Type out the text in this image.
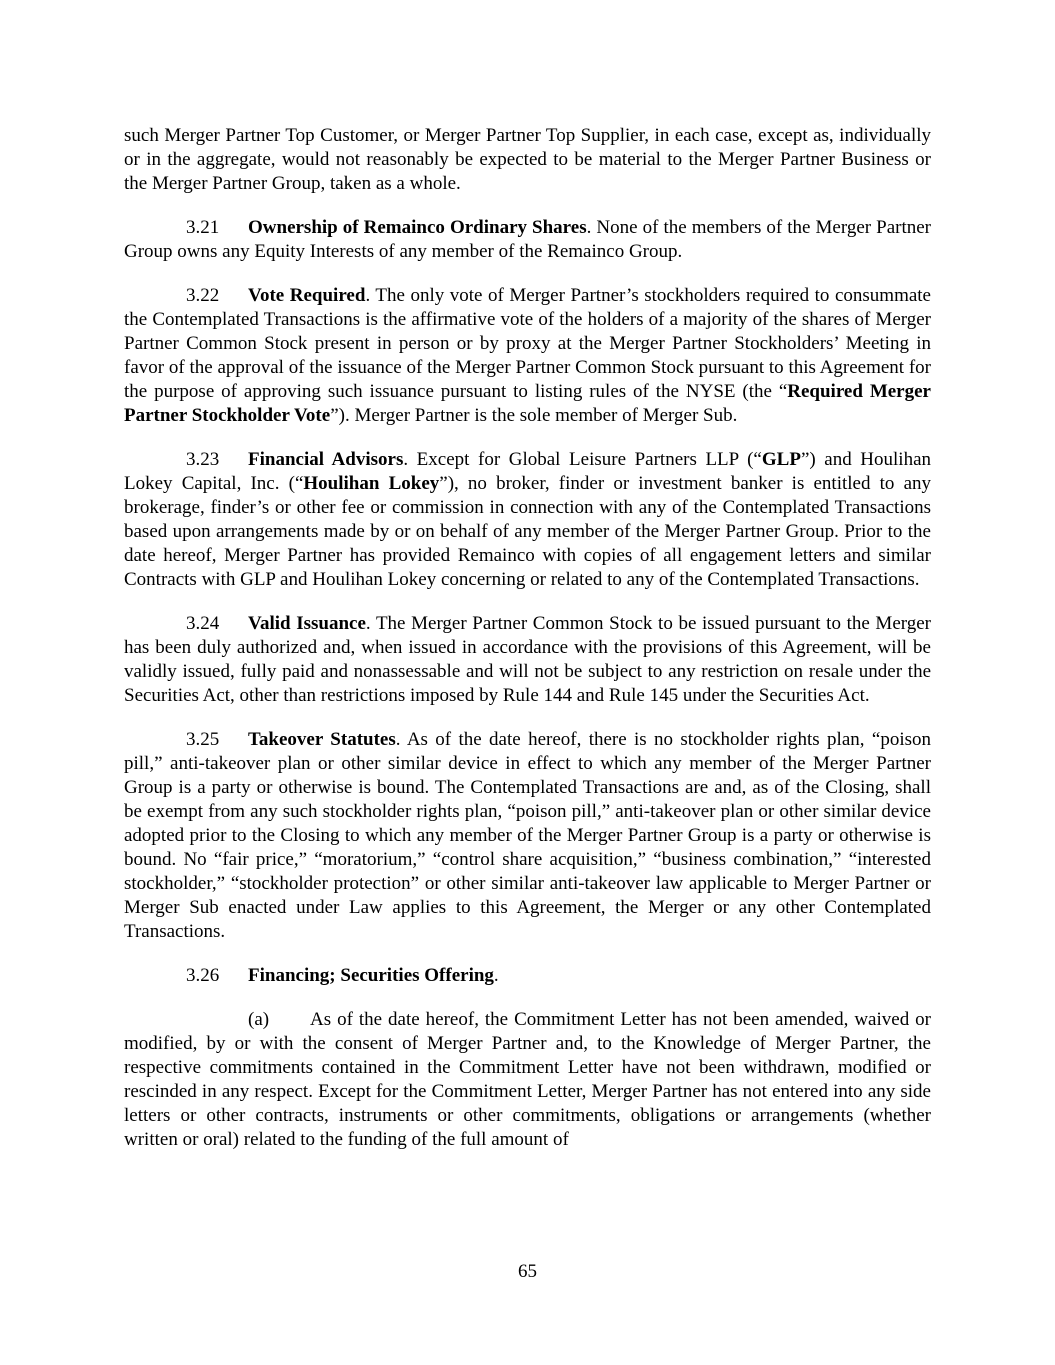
such Merger Partner Top Customer, or Merger Partner Top Supplier, in each case, except as, individually or in the aggregate, would not reasonably be expected to be material to the Merger Partner Business or the Merger Partner Group, taken as a whole.

3.21 Ownership of Remainco Ordinary Shares. None of the members of the Merger Partner Group owns any Equity Interests of any member of the Remainco Group.

3.22 Vote Required. The only vote of Merger Partner’s stockholders required to consummate the Contemplated Transactions is the affirmative vote of the holders of a majority of the shares of Merger Partner Common Stock present in person or by proxy at the Merger Partner Stockholders’ Meeting in favor of the approval of the issuance of the Merger Partner Common Stock pursuant to this Agreement for the purpose of approving such issuance pursuant to listing rules of the NYSE (the “Required Merger Partner Stockholder Vote”). Merger Partner is the sole member of Merger Sub.

3.23 Financial Advisors. Except for Global Leisure Partners LLP (“GLP”) and Houlihan Lokey Capital, Inc. (“Houlihan Lokey”), no broker, finder or investment banker is entitled to any brokerage, finder’s or other fee or commission in connection with any of the Contemplated Transactions based upon arrangements made by or on behalf of any member of the Merger Partner Group. Prior to the date hereof, Merger Partner has provided Remainco with copies of all engagement letters and similar Contracts with GLP and Houlihan Lokey concerning or related to any of the Contemplated Transactions.

3.24 Valid Issuance. The Merger Partner Common Stock to be issued pursuant to the Merger has been duly authorized and, when issued in accordance with the provisions of this Agreement, will be validly issued, fully paid and nonassessable and will not be subject to any restriction on resale under the Securities Act, other than restrictions imposed by Rule 144 and Rule 145 under the Securities Act.

3.25 Takeover Statutes. As of the date hereof, there is no stockholder rights plan, “poison pill,” anti-takeover plan or other similar device in effect to which any member of the Merger Partner Group is a party or otherwise is bound. The Contemplated Transactions are and, as of the Closing, shall be exempt from any such stockholder rights plan, “poison pill,” anti-takeover plan or other similar device adopted prior to the Closing to which any member of the Merger Partner Group is a party or otherwise is bound. No “fair price,” “moratorium,” “control share acquisition,” “business combination,” “interested stockholder,” “stockholder protection” or other similar anti-takeover law applicable to Merger Partner or Merger Sub enacted under Law applies to this Agreement, the Merger or any other Contemplated Transactions.

3.26 Financing; Securities Offering.

(a) As of the date hereof, the Commitment Letter has not been amended, waived or modified, by or with the consent of Merger Partner and, to the Knowledge of Merger Partner, the respective commitments contained in the Commitment Letter have not been withdrawn, modified or rescinded in any respect. Except for the Commitment Letter, Merger Partner has not entered into any side letters or other contracts, instruments or other commitments, obligations or arrangements (whether written or oral) related to the funding of the full amount of

65
